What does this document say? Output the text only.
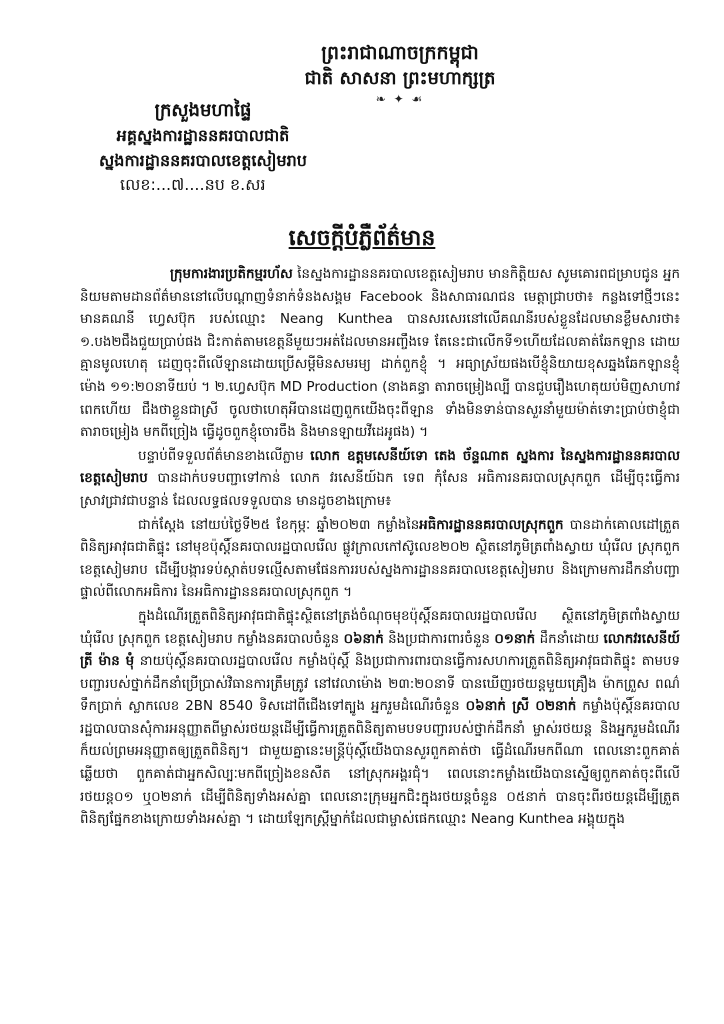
ព្រះរាជាណាចក្រកម្ពុជា
ជាតិ សាសនា ព្រះមហាក្សត្រ
❧ ✦ ☙
ក្រសួងមហាផ្ទៃ
អគ្គស្នងការដ្ឋាននគរបាលជាតិ
ស្នងការដ្ឋាននគរបាលខេត្តសៀមរាប
លេខ:...៧....នប ខ.សរ
សេចក្តីបំភ្លឺព័ត៌មាន

ក្រុមការងារប្រតិកម្មរហ័ស នៃស្នងការដ្ឋាននគរបាលខេត្តសៀមរាប មានកិត្តិយស សូមគោរពជម្រាបជូន អ្នកនិយមតាមដានព័ត៌មាននៅលើបណ្តាញទំនាក់ទំនងសង្គម Facebook និងសាធារណជន មេត្តាជ្រាបថា៖ កន្លងទៅថ្មីៗនេះមានគណនី ហ្វេសប៊ុក របស់ឈ្មោះ Neang Kunthea បានសរសេរនៅលើគណនីរបស់ខ្លួនដែលមានខ្លឹមសារថា៖ ១.បង២ជឹងជួយប្រាប់ផង ជិះកាត់តាមខេត្តនីមួយៗអត់ដែលមានអញ្ចឹងទេ តែនេះជាលើកទី១ហើយដែលគាត់ឆែកឡាន ដោយគ្មានមូលហេតុ ដេញចុះពីលើឡានដោយប្រើសម្ដីមិនសមរម្យ ដាក់ពួកខ្ញុំ ។ អធ្យាស្រ័យផងបើខ្ញុំនិយាយខុសឆ្នងឆែកឡានខ្ញុំម៉ោង ១១:២០នាទីយប់ ។ ២.ហ្វេសប៊ុក MD Production (នាងគន្ធា តារាចម្រៀងល្បី បានជួបរឿងហេតុយប់មិញសាហាវពេកហើយ ជឹងថាខ្លួនជាស្រី ចូលថាហេតុអីបានដេញពួកយើងចុះពីឡាន ទាំងមិនទាន់បានសួរនាំមួយម៉ាត់ទោះប្រាប់ថាខ្ញុំជាតារាចម្រៀង មកពីច្រៀង ធ្វើដូចពួកខ្ញុំចោរចឹង និងមានឡាយវីដេអូផង) ។

បន្ទាប់ពីទទួលព័ត៌មានខាងលើភ្លាម លោក ឧត្តមសេនីយ៍ទោ តេង ច័ន្ទណាត ស្នងការ នៃស្នងការដ្ឋាននគរបាលខេត្តសៀមរាប បានដាក់បទបញ្ជាទៅកាន់ លោក វរសេនីយ៍ឯក ទេព កុំសែន អធិការនគរបាលស្រុកពួក ដើម្បីចុះធ្វើការស្រាវជ្រាវជាបន្ទាន់ ដែលលទ្ធផលទទួលបាន មានដូចខាងក្រោម៖

ជាក់ស្តែង នៅយប់ថ្ងៃទី២៥ ខែកុម្ភៈ ឆ្នាំ២០២៣ កម្លាំងនៃអធិការដ្ឋាននគរបាលស្រុកពួក បានដាក់គោលដៅត្រួតពិនិត្យអាវុធជាតិផ្ទុះ នៅមុខប៉ុស្តិ៍នគរបាលរដ្ឋបាលរើល ផ្លូវក្រាលកៅស៊ូលេខ២០២ ស្ថិតនៅភូមិត្រពាំងស្វាយ ឃុំរើល ស្រុកពួក ខេត្តសៀមរាប ដើម្បីបង្ការទប់ស្កាត់បទល្មើសតាមផែនការរបស់ស្នងការដ្ឋាននគរបាលខេត្តសៀមរាប និងក្រោមការដឹកនាំបញ្ជាផ្ទាល់ពីលោកអធិការ នៃអធិការដ្ឋាននគរបាលស្រុកពួក ។

ក្នុងដំណើរត្រួតពិនិត្យអាវុធជាតិផ្ទុះស្ថិតនៅត្រង់ចំណុចមុខប៉ុស្តិ៍នគរបាលរដ្ឋបាលរើល ស្ថិតនៅភូមិត្រពាំងស្វាយ ឃុំរើល ស្រុកពួក ខេត្តសៀមរាប កម្លាំងនគរបាលចំនួន ០៦នាក់ និងប្រជាការពារចំនួន ០១នាក់ ដឹកនាំដោយ លោកវរសេនីយ៍ត្រី ម៉ាន មុំ នាយប៉ុស្តិ៍នគរបាលរដ្ឋបាលរើល កម្លាំងប៉ុស្តិ៍ និងប្រជាការពារបានធ្វើការសហការត្រួតពិនិត្យអាវុធជាតិផ្ទុះ តាមបទបញ្ជារបស់ថ្នាក់ដឹកនាំប្រើប្រាស់វិធានការត្រឹមត្រូវ នៅវេលាម៉ោង ២៣:២០នាទី បានឃើញរថយន្តមួយគ្រឿង ម៉ាកព្រួស ពណ៌ទឹកប្រាក់ ស្លាកលេខ 2BN 8540 ទិសដៅពីជើងទៅត្បូង អ្នករួមដំណើរចំនួន ០៦នាក់ ស្រី ០២នាក់ កម្លាំងប៉ុស្តិ៍នគរបាលរដ្ឋបាលបានសុំការអនុញ្ញាតពីម្ចាស់រថយន្តដើម្បីធ្វើការត្រួតពិនិត្យតាមបទបញ្ជារបស់ថ្នាក់ដឹកនាំ ម្ចាស់រថយន្ត និងអ្នករួមដំណើរក៏យល់ព្រមអនុញ្ញាតឲ្យត្រួតពិនិត្យ។ ជាមួយគ្នានេះមន្ត្រីប៉ុស្តិ៍យើងបានសួរពួកគាត់ថា ធ្វើដំណើរមកពីណា ពេលនោះពួកគាត់ឆ្លើយថា ពួកគាត់ជាអ្នកសិល្បៈមកពីច្រៀងខនសឺត នៅស្រុកអង្គរជុំ។ ពេលនោះកម្លាំងយើងបានស្នើឲ្យពួកគាត់ចុះពីលើរថយន្ត០១ ឬ០២នាក់ ដើម្បីពិនិត្យទាំងអស់គ្នា ពេលនោះក្រុមអ្នកជិះក្នុងរថយន្តចំនួន ០៥នាក់ បានចុះពីរថយន្តដើម្បីត្រួតពិនិត្យផ្នែកខាងក្រោយទាំងអស់គ្នា ។ ដោយឡែកស្ត្រីម្នាក់ដែលជាម្ចាស់ផេកឈ្មោះ Neang Kunthea អង្គុយក្នុង
